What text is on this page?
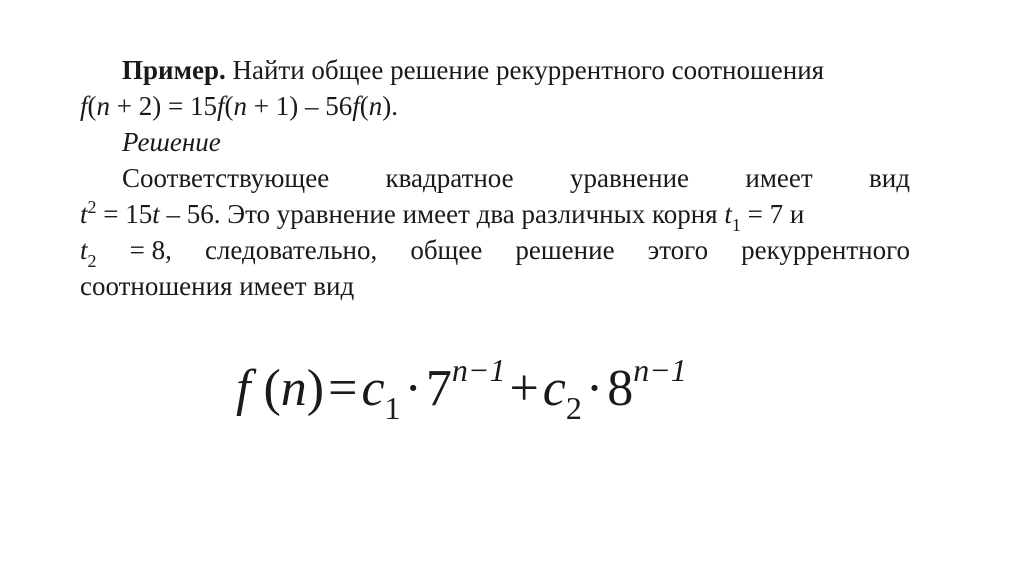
Пример. Найти общее решение рекуррентного соотношения
f(n + 2) = 15f(n + 1) – 56f(n).
Решение
Соответствующее квадратное уравнение имеет вид
$t^2 = 15t - 56$. Это уравнение имеет два различных корня $t_1 = 7$ и
$t_2 = 8$, следовательно, общее решение этого рекуррентного
соотношения имеет вид
f $(n)=c_1\cdot 7^{n-1}+c_2\cdot 8^{n-1}$
